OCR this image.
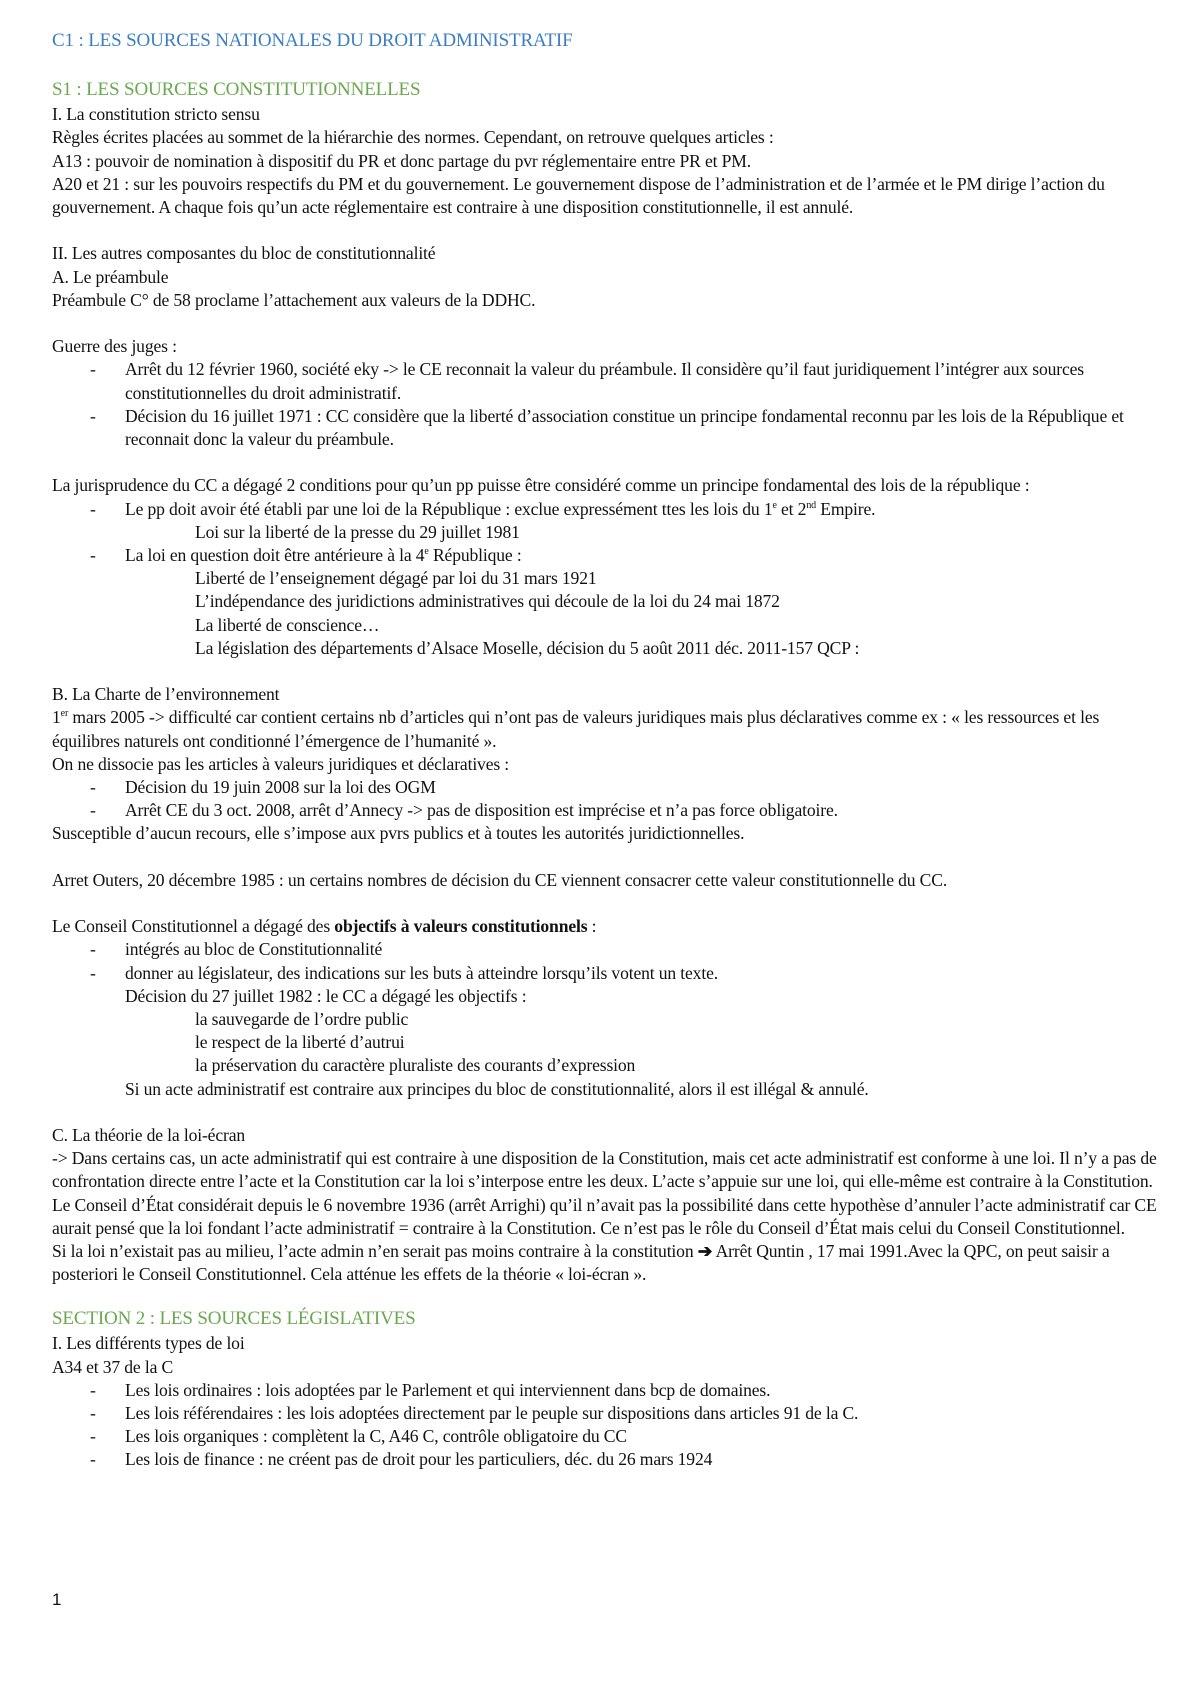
C1 : LES SOURCES NATIONALES DU DROIT ADMINISTRATIF
S1 : LES SOURCES CONSTITUTIONNELLES
I. La constitution stricto sensu
Règles écrites placées au sommet de la hiérarchie des normes. Cependant, on retrouve quelques articles :
A13 : pouvoir de nomination à dispositif du PR et donc partage du pvr réglementaire entre PR et PM.
A20 et 21 : sur les pouvoirs respectifs du PM et du gouvernement. Le gouvernement dispose de l’administration et de l’armée et le PM dirige l’action du gouvernement. A chaque fois qu’un acte réglementaire est contraire à une disposition constitutionnelle, il est annulé.
II. Les autres composantes du bloc de constitutionnalité
A. Le préambule
Préambule C° de 58 proclame l’attachement aux valeurs de la DDHC.
Guerre des juges :
- Arrêt du 12 février 1960, société eky -> le CE reconnait la valeur du préambule. Il considère qu’il faut juridiquement l’intégrer aux sources constitutionnelles du droit administratif.
- Décision du 16 juillet 1971 : CC considère que la liberté d’association constitue un principe fondamental reconnu par les lois de la République et reconnait donc la valeur du préambule.
La jurisprudence du CC a dégagé 2 conditions pour qu’un pp puisse être considéré comme un principe fondamental des lois de la république :
- Le pp doit avoir été établi par une loi de la République : exclue expressément ttes les lois du 1e et 2nd Empire.
Loi sur la liberté de la presse du 29 juillet 1981
- La loi en question doit être antérieure à la 4e République :
Liberté de l’enseignement dégagé par loi du 31 mars 1921
L’indépendance des juridictions administratives qui découle de la loi du 24 mai 1872
La liberté de conscience…
La législation des départements d’Alsace Moselle, décision du 5 août 2011 déc. 2011-157 QCP :
B. La Charte de l’environnement
1er mars 2005 -> difficulté car contient certains nb d’articles qui n’ont pas de valeurs juridiques mais plus déclaratives comme ex : « les ressources et les équilibres naturels ont conditionné l’émergence de l’humanité ».
On ne dissocie pas les articles à valeurs juridiques et déclaratives :
- Décision du 19 juin 2008 sur la loi des OGM
- Arrêt CE du 3 oct. 2008, arrêt d’Annecy -> pas de disposition est imprécise et n’a pas force obligatoire.
Susceptible d’aucun recours, elle s’impose aux pvrs publics et à toutes les autorités juridictionnelles.
Arret Outers, 20 décembre 1985 : un certains nombres de décision du CE viennent consacrer cette valeur constitutionnelle du CC.
Le Conseil Constitutionnel a dégagé des objectifs à valeurs constitutionnels :
- intégrés au bloc de Constitutionnalité
- donner au législateur, des indications sur les buts à atteindre lorsqu’ils votent un texte.
Décision du 27 juillet 1982 : le CC a dégagé les objectifs :
la sauvegarde de l’ordre public
le respect de la liberté d’autrui
la préservation du caractère pluraliste des courants d’expression
Si un acte administratif est contraire aux principes du bloc de constitutionnalité, alors il est illégal & annulé.
C. La théorie de la loi-écran
-> Dans certains cas, un acte administratif qui est contraire à une disposition de la Constitution, mais cet acte administratif est conforme à une loi. Il n’y a pas de confrontation directe entre l’acte et la Constitution car la loi s’interpose entre les deux. L’acte s’appuie sur une loi, qui elle-même est contraire à la Constitution.
Le Conseil d’État considérait depuis le 6 novembre 1936 (arrêt Arrighi) qu’il n’avait pas la possibilité dans cette hypothèse d’annuler l’acte administratif car CE aurait pensé que la loi fondant l’acte administratif = contraire à la Constitution. Ce n’est pas le rôle du Conseil d’État mais celui du Conseil Constitutionnel.
Si la loi n’existait pas au milieu, l’acte admin n’en serait pas moins contraire à la constitution ➔ Arrêt Quntin , 17 mai 1991.Avec la QPC, on peut saisir a posteriori le Conseil Constitutionnel. Cela atténue les effets de la théorie « loi-écran ».
SECTION 2 : LES SOURCES LÉGISLATIVES
I. Les différents types de loi
A34 et 37 de la C
- Les lois ordinaires : lois adoptées par le Parlement et qui interviennent dans bcp de domaines.
- Les lois référendaires : les lois adoptées directement par le peuple sur dispositions dans articles 91 de la C.
- Les lois organiques : complètent la C, A46 C, contrôle obligatoire du CC
- Les lois de finance : ne créent pas de droit pour les particuliers, déc. du 26 mars 1924
1
